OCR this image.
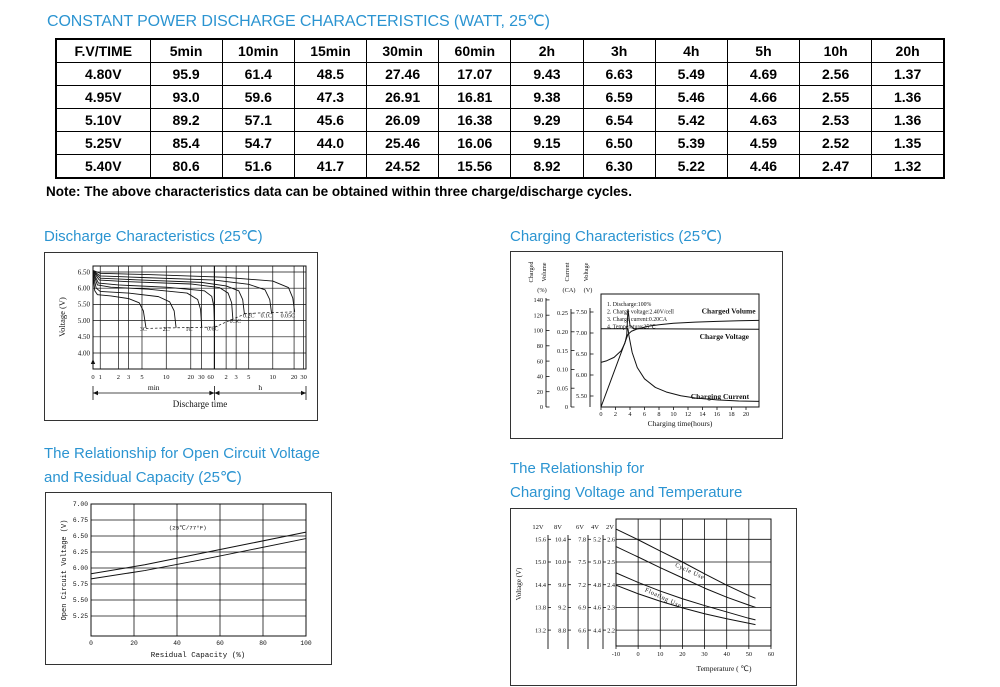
CONSTANT POWER DISCHARGE CHARACTERISTICS (WATT, 25℃)
F.V/TIME	5min	10min	15min	30min	60min	2h	3h	4h	5h	10h	20h
4.80V	95.9	61.4	48.5	27.46	17.07	9.43	6.63	5.49	4.69	2.56	1.37
4.95V	93.0	59.6	47.3	26.91	16.81	9.38	6.59	5.46	4.66	2.55	1.36
5.10V	89.2	57.1	45.6	26.09	16.38	9.29	6.54	5.42	4.63	2.53	1.36
5.25V	85.4	54.7	44.0	25.46	16.06	9.15	6.50	5.39	4.59	2.52	1.35
5.40V	80.6	51.6	41.7	24.52	15.56	8.92	6.30	5.22	4.46	2.47	1.32
Note: The above characteristics data can be obtained within three charge/discharge cycles.
Discharge Characteristics (25℃)
6.50
6.00
5.50
5.00
4.50
4.00
0 1 2 3 5	10	20 30 60 2 3 5	10 20 30
Voltage (V)
min	h
Discharge time
3C	2C	1C 0.6C
0.3C
0.2C 0.1C 0.05C
Charging Characteristics (25℃)
Charged Volume	Current Voltage
(%)	(CA) (V)
140
120
100
80
60
40
20
0
0.25
0.20
0.15
0.10
0.05
0
7.50
7.00
6.50
6.00
5.50
0 2 4 6 8 10 12 14 16 18 20
Charging time(hours)
1. Discharge:100%
2. Charge voltage:2.40V/cell
3. Charge current:0.20CA
4. Temperature:25℃
Charged Volume
Charge Voltage
Charging Current
The Relationship for Open Circuit Voltage
and Residual Capacity (25℃)
7.00
6.75
6.50
6.25
6.00
5.75
5.50
5.25
0	20	40	60	80	100
Open Circuit Voltage (V)
Residual Capacity (%)
(25℃/77°F)
The Relationship for
Charging Voltage and Temperature
12V
15.6
15.0
14.4
13.8
13.2
8V
10.4
10.0
9.6
9.2
8.8
6V
7.8
7.5
7.2
6.9
6.6
4V
5.2
5.0
4.8
4.6
4.4
2V
2.6
2.5
2.4
2.3
2.2
Voltage (V)
-10	0	10	20	30	40	50	60
Temperature ( ℃)
Cycle Use
Floating Use
